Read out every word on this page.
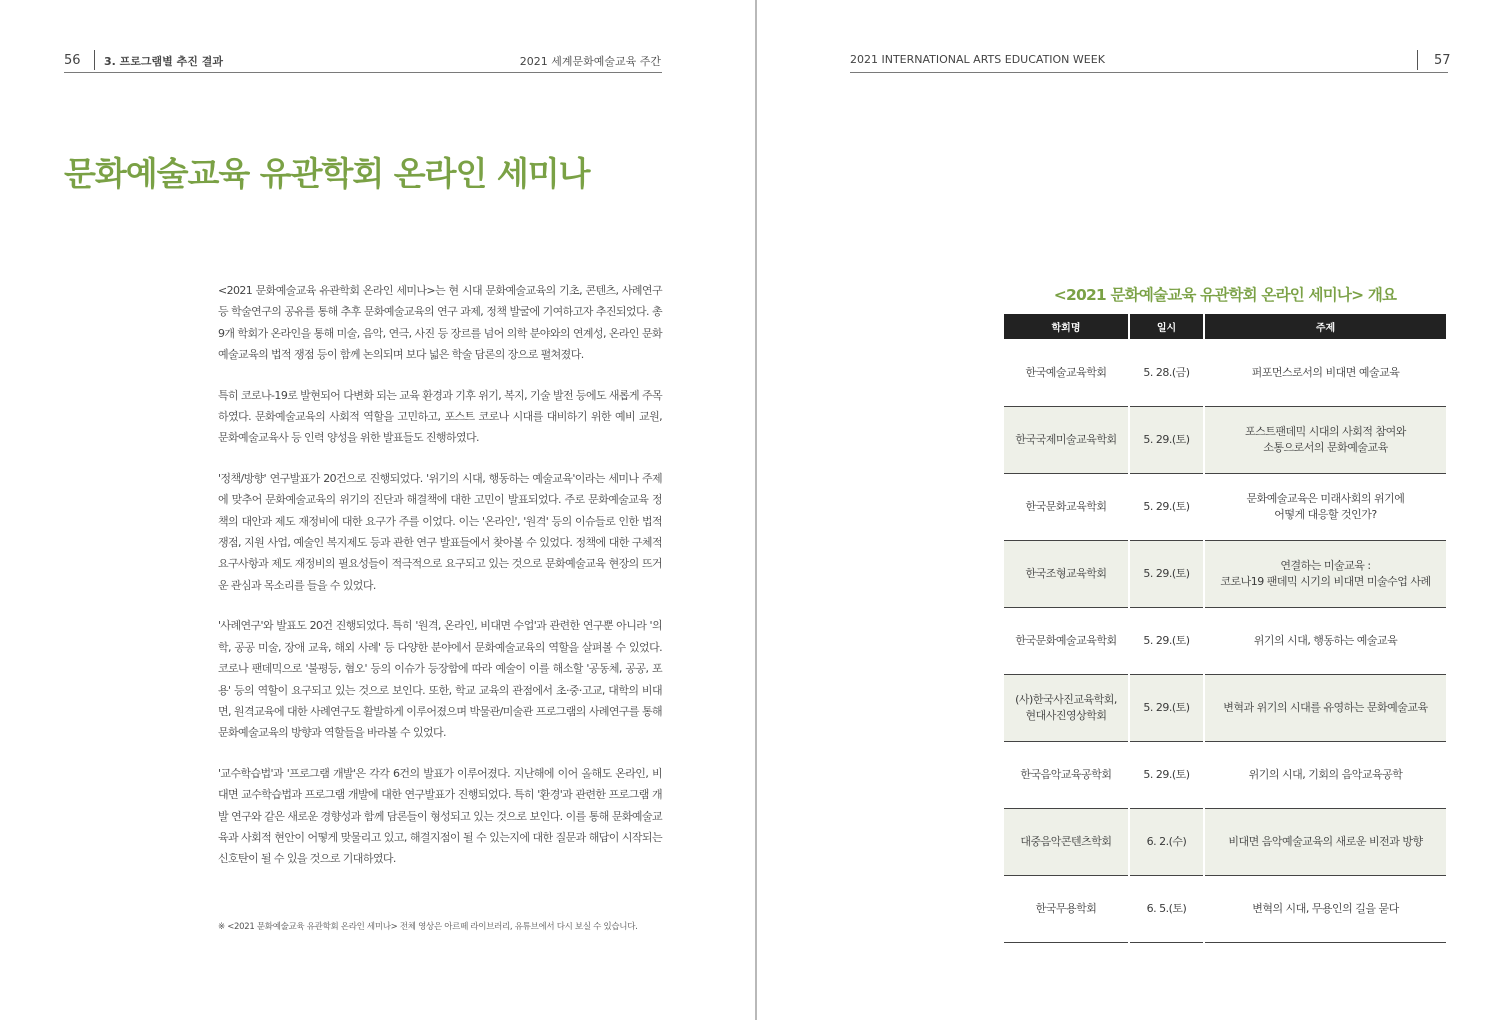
56 3. 프로그램별 추진 결과	2021 세계문화예술교육 주간	2021 INTERNATIONAL ARTS EDUCATION WEEK	57
문화예술교육 유관학회 온라인 세미나

<2021 문화예술교육 유관학회 온라인 세미나>는 현 시대 문화예술교육의 기초, 콘텐츠, 사례연구 등 학술연구의 공유를 통해 추후 문화예술교육의 연구 과제, 정책 발굴에 기여하고자 추진되었다. 총 9개 학회가 온라인을 통해 미술, 음악, 연극, 사진 등 장르를 넘어 의학 분야와의 연계성, 온라인 문화예술교육의 법적 쟁점 등이 함께 논의되며 보다 넓은 학술 담론의 장으로 펼쳐졌다.

특히 코로나-19로 발현되어 다변화 되는 교육 환경과 기후 위기, 복지, 기술 발전 등에도 새롭게 주목하였다. 문화예술교육의 사회적 역할을 고민하고, 포스트 코로나 시대를 대비하기 위한 예비 교원, 문화예술교육사 등 인력 양성을 위한 발표들도 진행하였다.

'정책/방향' 연구발표가 20건으로 진행되었다. '위기의 시대, 행동하는 예술교육'이라는 세미나 주제에 맞추어 문화예술교육의 위기의 진단과 해결책에 대한 고민이 발표되었다. 주로 문화예술교육 정책의 대안과 제도 재정비에 대한 요구가 주를 이었다. 이는 '온라인', '원격' 등의 이슈들로 인한 법적 쟁점, 지원 사업, 예술인 복지제도 등과 관한 연구 발표들에서 찾아볼 수 있었다. 정책에 대한 구체적 요구사항과 제도 재정비의 필요성들이 적극적으로 요구되고 있는 것으로 문화예술교육 현장의 뜨거운 관심과 목소리를 들을 수 있었다.

'사례연구'와 발표도 20건 진행되었다. 특히 '원격, 온라인, 비대면 수업'과 관련한 연구뿐 아니라 '의학, 공공 미술, 장애 교육, 해외 사례' 등 다양한 분야에서 문화예술교육의 역할을 살펴볼 수 있었다. 코로나 팬데믹으로 '불평등, 혐오' 등의 이슈가 등장함에 따라 예술이 이를 해소할 '공동체, 공공, 포용' 등의 역할이 요구되고 있는 것으로 보인다. 또한, 학교 교육의 관점에서 초·중·고교, 대학의 비대면, 원격교육에 대한 사례연구도 활발하게 이루어졌으며 박물관/미술관 프로그램의 사례연구를 통해 문화예술교육의 방향과 역할들을 바라볼 수 있었다.

'교수학습법'과 '프로그램 개발'은 각각 6건의 발표가 이루어졌다. 지난해에 이어 올해도 온라인, 비대면 교수학습법과 프로그램 개발에 대한 연구발표가 진행되었다. 특히 '환경'과 관련한 프로그램 개발 연구와 같은 새로운 경향성과 함께 담론들이 형성되고 있는 것으로 보인다. 이를 통해 문화예술교육과 사회적 현안이 어떻게 맞물리고 있고, 해결지점이 될 수 있는지에 대한 질문과 해답이 시작되는 신호탄이 될 수 있을 것으로 기대하였다.

※ <2021 문화예술교육 유관학회 온라인 세미나> 전체 영상은 아르떼 라이브러리, 유튜브에서 다시 보실 수 있습니다.

<2021 문화예술교육 유관학회 온라인 세미나> 개요
학회명	일시	주제
한국예술교육학회	5. 28.(금)	퍼포먼스로서의 비대면 예술교육
한국국제미술교육학회	5. 29.(토)	포스트팬데믹 시대의 사회적 참여와
소통으로서의 문화예술교육
한국문화교육학회	5. 29.(토)	문화예술교육은 미래사회의 위기에
어떻게 대응할 것인가?
한국조형교육학회	5. 29.(토)	연결하는 미술교육 :
코로나19 팬데믹 시기의 비대면 미술수업 사례
한국문화예술교육학회	5. 29.(토)	위기의 시대, 행동하는 예술교육
(사)한국사진교육학회,
현대사진영상학회	5. 29.(토)	변혁과 위기의 시대를 유영하는 문화예술교육
한국음악교육공학회	5. 29.(토)	위기의 시대, 기회의 음악교육공학
대중음악콘텐츠학회	6. 2.(수)	비대면 음악예술교육의 새로운 비전과 방향
한국무용학회	6. 5.(토)	변혁의 시대, 무용인의 길을 묻다
